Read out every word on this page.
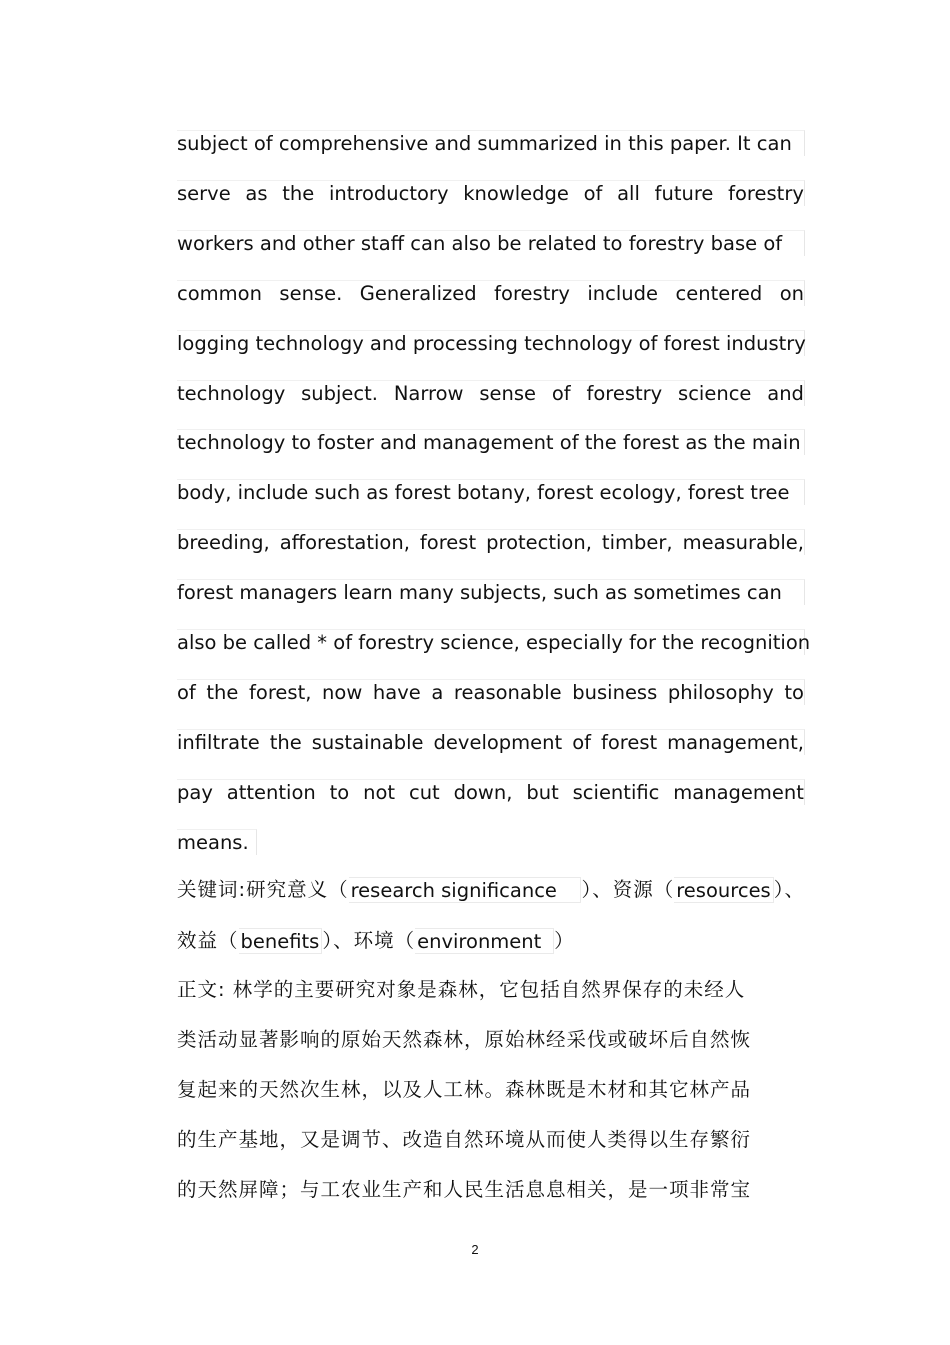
subject of comprehensive and summarized in this paper. It can
serve as the introductory knowledge of all future forestry
workers and other staff can also be related to forestry base of
common sense. Generalized forestry include centered on
logging technology and processing technology of forest industry
technology subject. Narrow sense of forestry science and
technology to foster and management of the forest as the main
body, include such as forest botany, forest ecology, forest tree
breeding, afforestation, forest protection, timber, measurable,
forest managers learn many subjects, such as sometimes can
also be called * of forestry science, especially for the recognition
of the forest, now have a reasonable business philosophy to
infiltrate the sustainable development of forest management,
pay attention to not cut down, but scientific management
means.
关键词: 研究意义（ research significance	）、资源（ resources ）、
效益（ benefits ）、环境（ environment ）
正文: 林学的主要研究对象是森林，它包括自然界保存的未经人
类活动显著影响的原始天然森林，原始林经采伐或破坏后自然恢
复起来的天然次生林，以及人工林。森林既是木材和其它林产品
的生产基地，又是调节、改造自然环境从而使人类得以生存繁衍
的天然屏障；与工农业生产和人民生活息息相关，是一项非常宝
2
